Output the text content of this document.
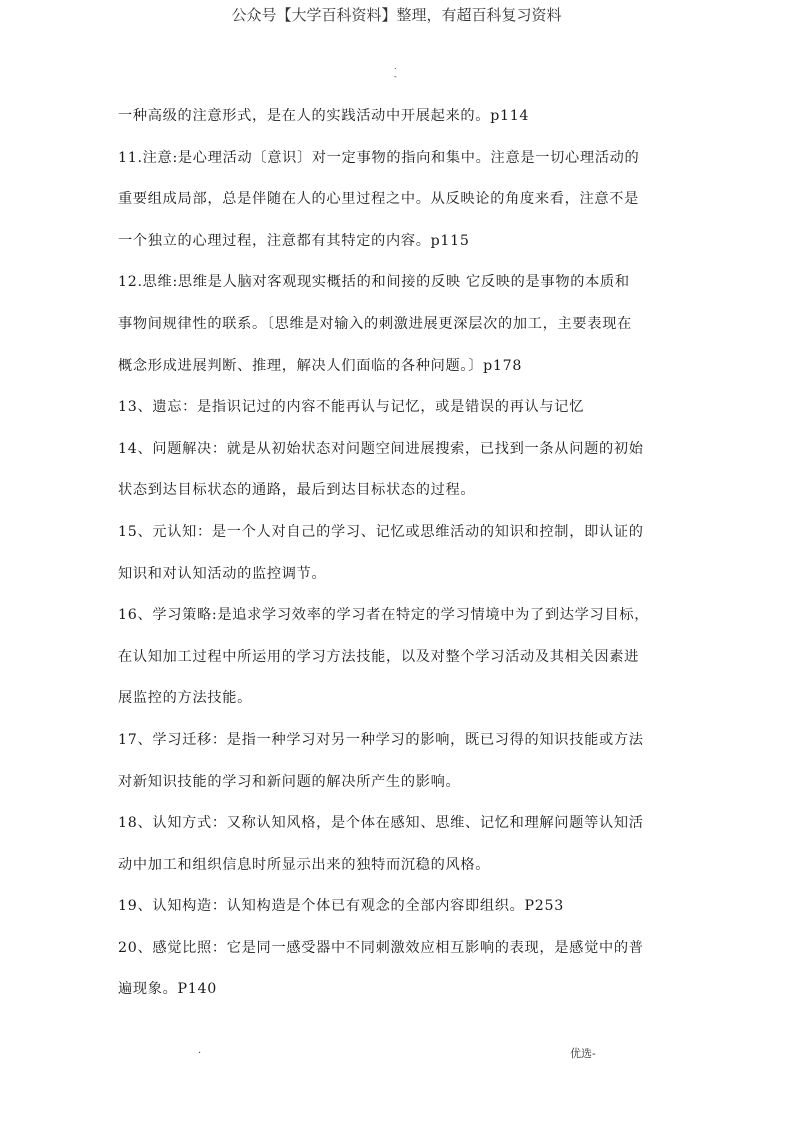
公众号【大学百科资料】整理，有超百科复习资料
.
-
一种高级的注意形式，是在人的实践活动中开展起来的。p114
11.注意:是心理活动〔意识〕对一定事物的指向和集中。注意是一切心理活动的
重要组成局部，总是伴随在人的心里过程之中。从反映论的角度来看，注意不是
一个独立的心理过程，注意都有其特定的内容。p115
12.思维:思维是人脑对客观现实概括的和间接的反映 它反映的是事物的本质和
事物间规律性的联系。〔思维是对输入的刺激进展更深层次的加工，主要表现在
概念形成进展判断、推理，解决人们面临的各种问题。〕p178
13、遗忘：是指识记过的内容不能再认与记忆，或是错误的再认与记忆
14、问题解决：就是从初始状态对问题空间进展搜索，已找到一条从问题的初始
状态到达目标状态的通路，最后到达目标状态的过程。
15、元认知：是一个人对自己的学习、记忆或思维活动的知识和控制，即认证的
知识和对认知活动的监控调节。
16、学习策略:是追求学习效率的学习者在特定的学习情境中为了到达学习目标，
在认知加工过程中所运用的学习方法技能，以及对整个学习活动及其相关因素进
展监控的方法技能。
17、学习迁移：是指一种学习对另一种学习的影响，既已习得的知识技能或方法
对新知识技能的学习和新问题的解决所产生的影响。
18、认知方式：又称认知风格，是个体在感知、思维、记忆和理解问题等认知活
动中加工和组织信息时所显示出来的独特而沉稳的风格。
19、认知构造：认知构造是个体已有观念的全部内容即组织。P253
20、感觉比照：它是同一感受器中不同刺激效应相互影响的表现，是感觉中的普
遍现象。P140
.	优选-
